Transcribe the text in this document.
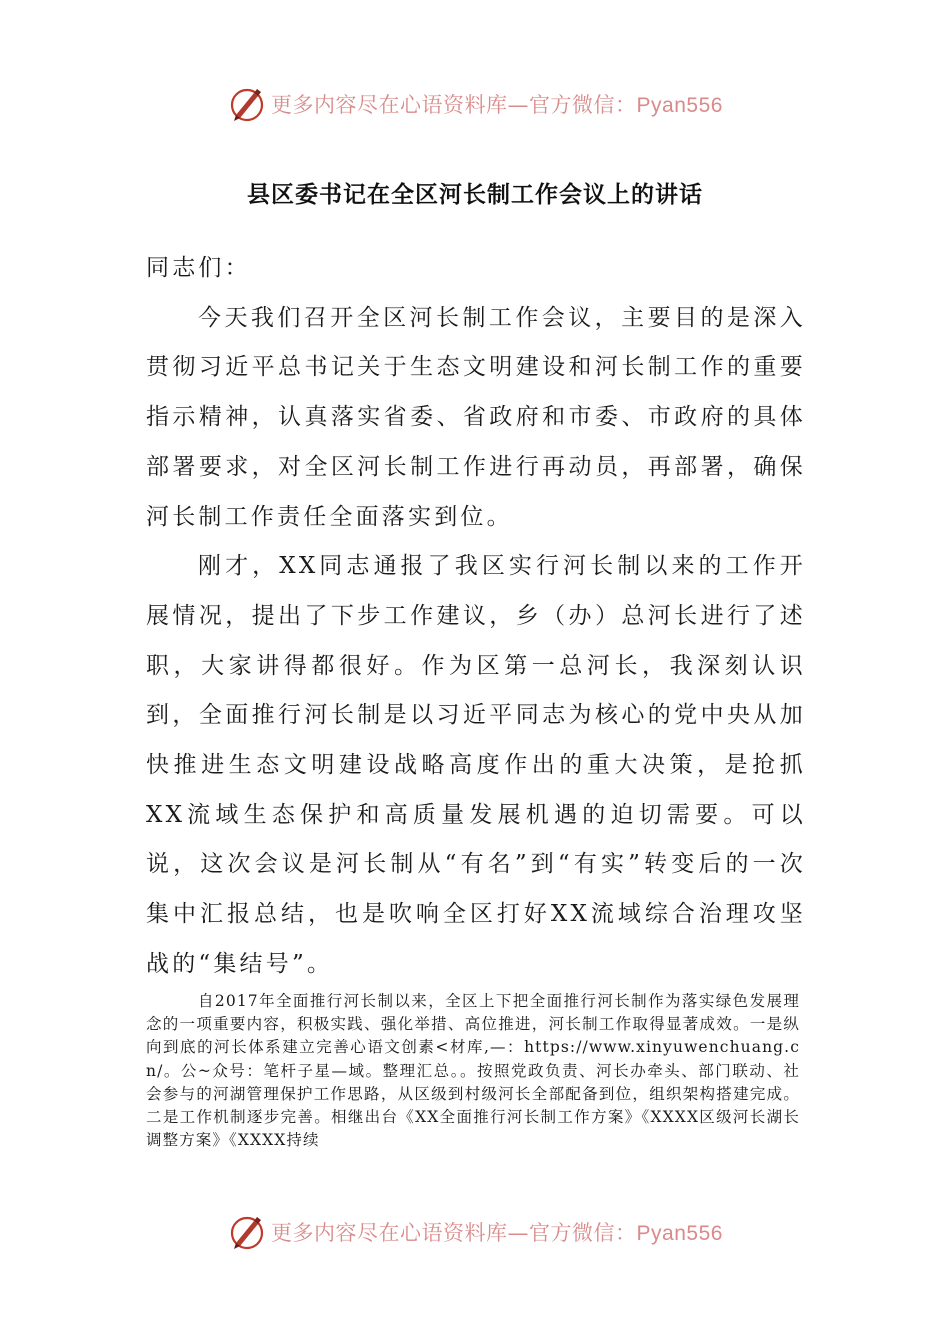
更多内容尽在心语资料库—官方微信：Pyan556
县区委书记在全区河长制工作会议上的讲话

同志们：

今天我们召开全区河长制工作会议，主要目的是深入贯彻习近平总书记关于生态文明建设和河长制工作的重要指示精神，认真落实省委、省政府和市委、市政府的具体部署要求，对全区河长制工作进行再动员，再部署，确保河长制工作责任全面落实到位。

刚才，XX同志通报了我区实行河长制以来的工作开展情况，提出了下步工作建议，乡（办）总河长进行了述职，大家讲得都很好。作为区第一总河长，我深刻认识到，全面推行河长制是以习近平同志为核心的党中央从加快推进生态文明建设战略高度作出的重大决策，是抢抓XX流域生态保护和高质量发展机遇的迫切需要。可以说，这次会议是河长制从“有名”到“有实”转变后的一次集中汇报总结，也是吹响全区打好XX流域综合治理攻坚战的“集结号”。

自2017年全面推行河长制以来，全区上下把全面推行河长制作为落实绿色发展理念的一项重要内容，积极实践、强化举措、高位推进，河长制工作取得显著成效。一是纵向到底的河长体系建立完善心语文创素<材库,—：https://www.xinyuwenchuang.cn/。公~众号：笔杆子星—域。整理汇总。。按照党政负责、河长办牵头、部门联动、社会参与的河湖管理保护工作思路，从区级到村级河长全部配备到位，组织架构搭建完成。二是工作机制逐步完善。相继出台《XX全面推行河长制工作方案》《XXXX区级河长湖长调整方案》《XXXX持续

更多内容尽在心语资料库—官方微信：Pyan556
